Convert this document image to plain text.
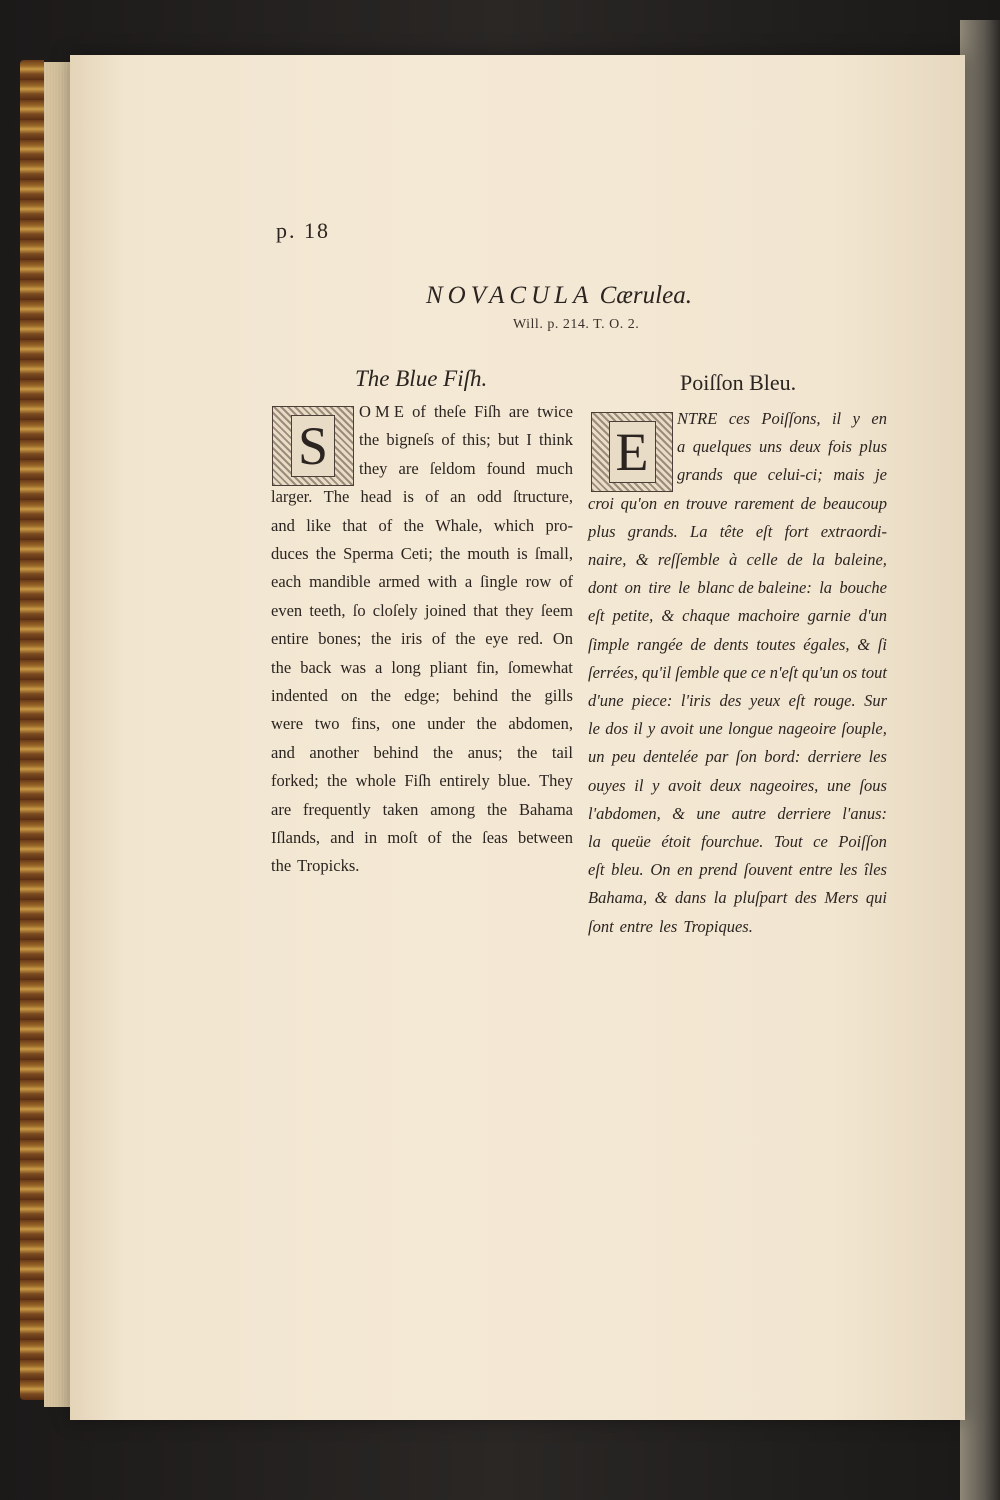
p. 18
NOVACULA Cærulea.
Will. p. 214. T. O. 2.
The Blue Fiſh.	Poiſſon Bleu.
S	E
O M E of theſe Fiſh are twice
the bigneſs of this; but I think
they are ſeldom found much
larger. The head is of an odd ſtructure,
and like that of the Whale, which pro-
duces the Sperma Ceti; the mouth is ſmall,
each mandible armed with a ſingle row of
even teeth, ſo cloſely joined that they ſeem
entire bones; the iris of the eye red. On
the back was a long pliant fin, ſomewhat
indented on the edge; behind the gills
were two fins, one under the abdomen,
and another behind the anus; the tail
forked; the whole Fiſh entirely blue. They
are frequently taken among the Bahama
Iſlands, and in moſt of the ſeas between
the Tropicks.
NTRE ces Poiſſons, il y en
a quelques uns deux fois plus
grands que celui-ci; mais je
croi qu'on en trouve rarement de beaucoup
plus grands. La tête eſt fort extraordi-
naire, & reſſemble à celle de la baleine,
dont on tire le blanc de baleine: la bouche
eſt petite, & chaque machoire garnie d'un
ſimple rangée de dents toutes égales, & ſi
ſerrées, qu'il ſemble que ce n'eſt qu'un os tout
d'une piece: l'iris des yeux eſt rouge. Sur
le dos il y avoit une longue nageoire ſouple,
un peu dentelée par ſon bord: derriere les
ouyes il y avoit deux nageoires, une ſous
l'abdomen, & une autre derriere l'anus:
la queüe étoit fourchue. Tout ce Poiſſon
eſt bleu. On en prend ſouvent entre les îles
Bahama, & dans la pluſpart des Mers qui
ſont entre les Tropiques.
